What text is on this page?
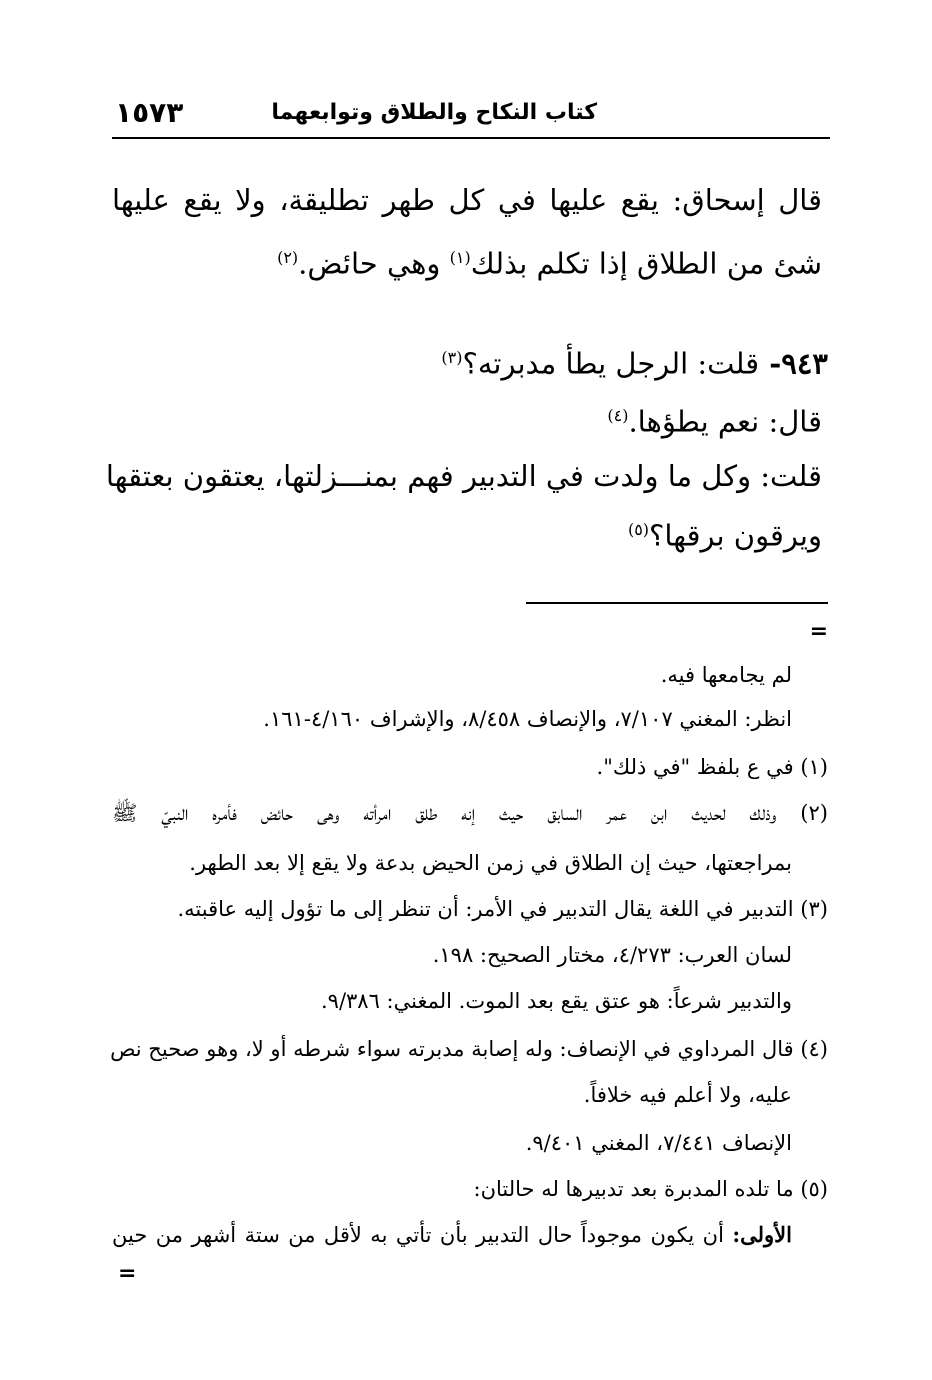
كتاب النكاح والطلاق وتوابعهما
١٥٧٣
قال إسحاق: يقع عليها في كل طهر تطليقة، ولا يقع عليها
شئ من الطلاق إذا تكلم بذلك$^{(١)}$ وهي حائض.$^{(٢)}$
٩٤٣- قلت: الرجل يطأ مدبرته؟$^{(٣)}$
قال: نعم يطؤها.$^{(٤)}$
قلت: وكل ما ولدت في التدبير فهم بمنـــزلتها، يعتقون بعتقها
ويرقون برقها؟$^{(٥)}$
=
لم يجامعها فيه.
انظر: المغني ٧/١٠٧، والإنصاف ٨/٤٥٨، والإشراف ٤/١٦٠-١٦١.
(١) في ع بلفظ "في ذلك".
(٢) وذلك لحديث ابن عمر السابق حيث إنه طلق امرأته وهى حائض فأمره النبيّ ﷺ
بمراجعتها، حيث إن الطلاق في زمن الحيض بدعة ولا يقع إلا بعد الطهر.
(٣) التدبير في اللغة يقال التدبير في الأمر: أن تنظر إلى ما تؤول إليه عاقبته.
لسان العرب: ٤/٢٧٣، مختار الصحيح: ١٩٨.
والتدبير شرعاً: هو عتق يقع بعد الموت. المغني: ٩/٣٨٦.
(٤) قال المرداوي في الإنصاف: وله إصابة مدبرته سواء شرطه أو لا، وهو صحيح نص
عليه، ولا أعلم فيه خلافاً.
الإنصاف ٧/٤٤١، المغني ٩/٤٠١.
(٥) ما تلده المدبرة بعد تدبيرها له حالتان:
الأولى: أن يكون موجوداً حال التدبير بأن تأتي به لأقل من ستة أشهر من حين
=
